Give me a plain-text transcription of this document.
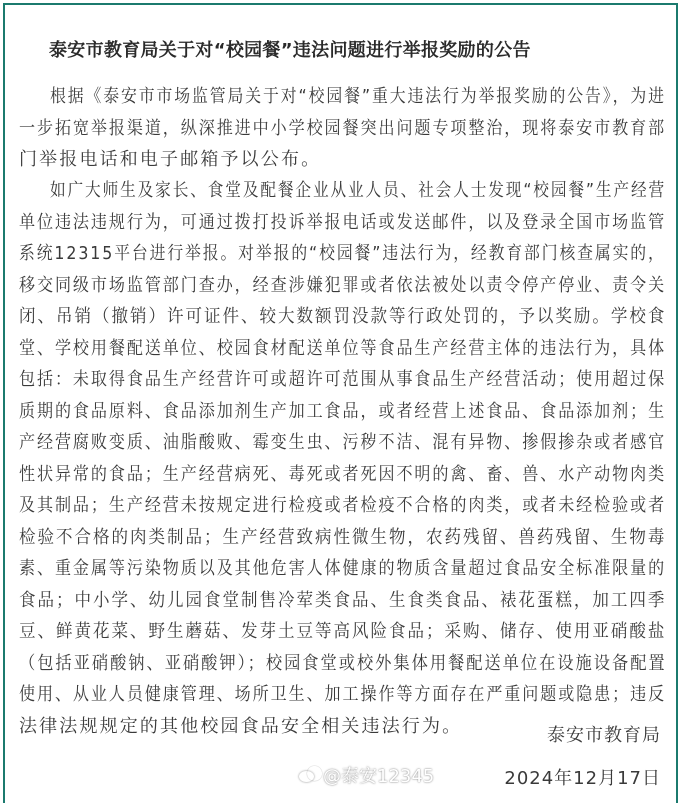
泰安市教育局关于对“校园餐”违法问题进行举报奖励的公告
根据《泰安市市场监管局关于对“校园餐”重大违法行为举报奖励的公告》，为进
一步拓宽举报渠道，纵深推进中小学校园餐突出问题专项整治，现将泰安市教育部
门举报电话和电子邮箱予以公布。
如广大师生及家长、食堂及配餐企业从业人员、社会人士发现“校园餐”生产经营
单位违法违规行为，可通过拨打投诉举报电话或发送邮件，以及登录全国市场监管
系统12315平台进行举报。对举报的“校园餐”违法行为，经教育部门核查属实的，
移交同级市场监管部门查办，经查涉嫌犯罪或者依法被处以责令停产停业、责令关
闭、吊销（撤销）许可证件、较大数额罚没款等行政处罚的，予以奖励。学校食
堂、学校用餐配送单位、校园食材配送单位等食品生产经营主体的违法行为，具体
包括：未取得食品生产经营许可或超许可范围从事食品生产经营活动；使用超过保
质期的食品原料、食品添加剂生产加工食品，或者经营上述食品、食品添加剂；生
产经营腐败变质、油脂酸败、霉变生虫、污秽不洁、混有异物、掺假掺杂或者感官
性状异常的食品；生产经营病死、毒死或者死因不明的禽、畜、兽、水产动物肉类
及其制品；生产经营未按规定进行检疫或者检疫不合格的肉类，或者未经检验或者
检验不合格的肉类制品；生产经营致病性微生物，农药残留、兽药残留、生物毒
素、重金属等污染物质以及其他危害人体健康的物质含量超过食品安全标准限量的
食品；中小学、幼儿园食堂制售冷荤类食品、生食类食品、裱花蛋糕，加工四季
豆、鲜黄花菜、野生蘑菇、发芽土豆等高风险食品；采购、储存、使用亚硝酸盐
（包括亚硝酸钠、亚硝酸钾）；校园食堂或校外集体用餐配送单位在设施设备配置
使用、从业人员健康管理、场所卫生、加工操作等方面存在严重问题或隐患；违反
法律法规规定的其他校园食品安全相关违法行为。	泰安市教育局
2024年12月17日
@泰安12345
